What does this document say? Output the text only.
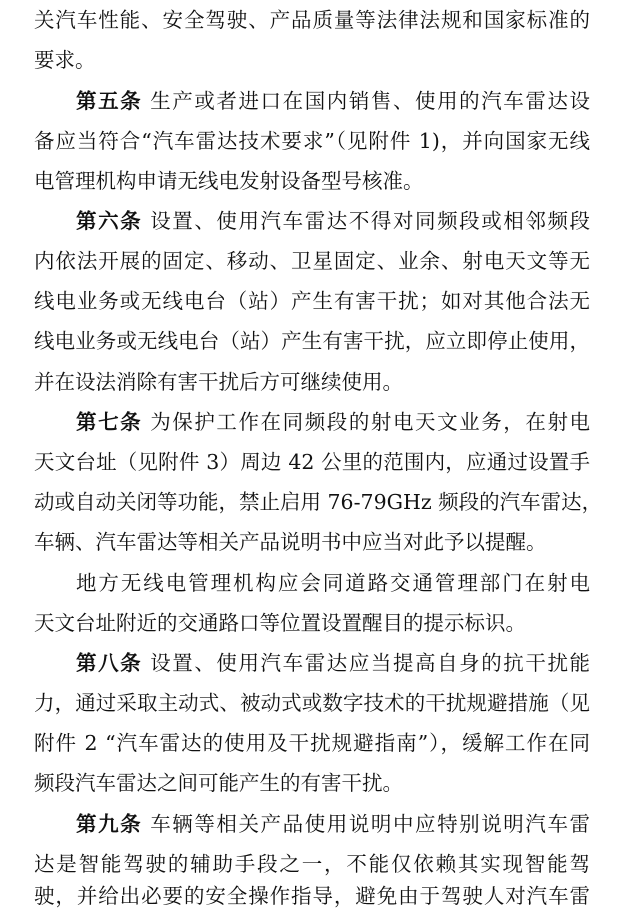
关汽车性能、安全驾驶、产品质量等法律法规和国家标准的
要求。
第五条 生产或者进口在国内销售、使用的汽车雷达设
备应当符合“汽车雷达技术要求”（见附件 1)，并向国家无线
电管理机构申请无线电发射设备型号核准。
第六条 设置、使用汽车雷达不得对同频段或相邻频段
内依法开展的固定、移动、卫星固定、业余、射电天文等无
线电业务或无线电台（站）产生有害干扰；如对其他合法无
线电业务或无线电台（站）产生有害干扰，应立即停止使用，
并在设法消除有害干扰后方可继续使用。
第七条 为保护工作在同频段的射电天文业务，在射电
天文台址（见附件 3）周边 42 公里的范围内，应通过设置手
动或自动关闭等功能，禁止启用 76-79GHz 频段的汽车雷达，
车辆、汽车雷达等相关产品说明书中应当对此予以提醒。
地方无线电管理机构应会同道路交通管理部门在射电
天文台址附近的交通路口等位置设置醒目的提示标识。
第八条 设置、使用汽车雷达应当提高自身的抗干扰能
力，通过采取主动式、被动式或数字技术的干扰规避措施（见
附件 2 “汽车雷达的使用及干扰规避指南”），缓解工作在同
频段汽车雷达之间可能产生的有害干扰。
第九条 车辆等相关产品使用说明中应特别说明汽车雷
达是智能驾驶的辅助手段之一，不能仅依赖其实现智能驾
驶，并给出必要的安全操作指导，避免由于驾驶人对汽车雷
